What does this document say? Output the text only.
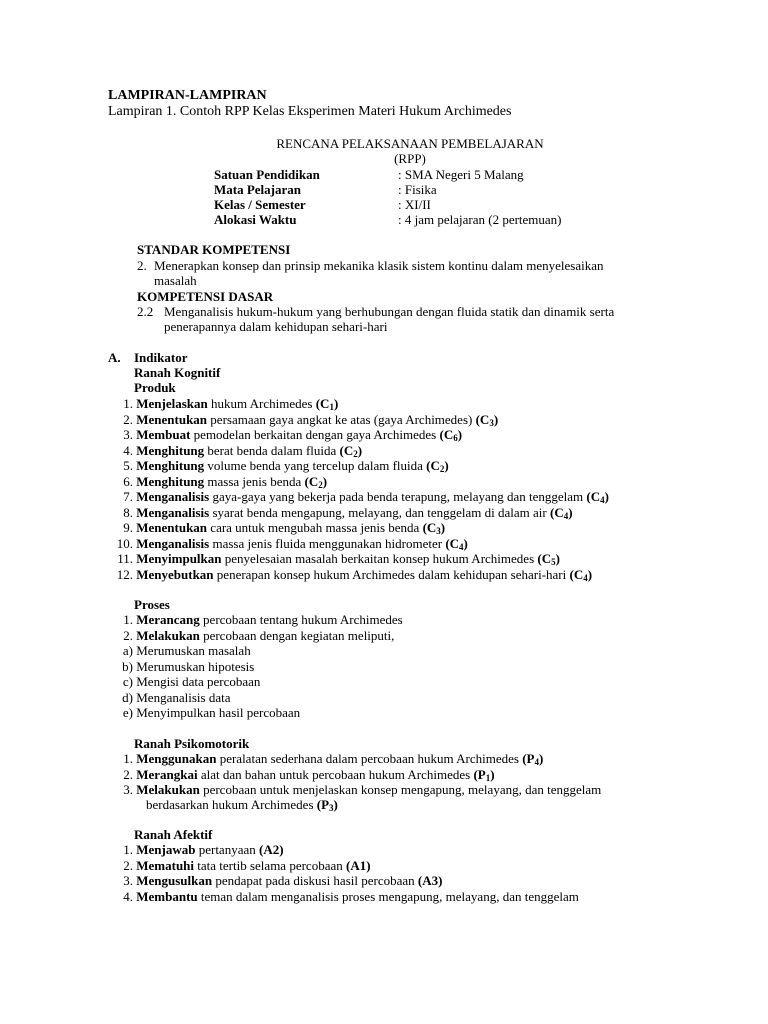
LAMPIRAN-LAMPIRAN
Lampiran 1. Contoh RPP Kelas Eksperimen Materi Hukum Archimedes
RENCANA PELAKSANAAN PEMBELAJARAN
(RPP)
Satuan Pendidikan	: SMA Negeri 5 Malang
Mata Pelajaran	: Fisika
Kelas / Semester	: XI/II
Alokasi Waktu	: 4 jam pelajaran (2 pertemuan)
STANDAR KOMPETENSI
2. Menerapkan konsep dan prinsip mekanika klasik sistem kontinu dalam menyelesaikan
masalah
KOMPETENSI DASAR
2.2 Menganalisis hukum-hukum yang berhubungan dengan fluida statik dan dinamik serta
penerapannya dalam kehidupan sehari-hari
A. Indikator
Ranah Kognitif
Produk
1. Menjelaskan hukum Archimedes $(C_1)$
2. Menentukan persamaan gaya angkat ke atas (gaya Archimedes) $(C_3)$
3. Membuat pemodelan berkaitan dengan gaya Archimedes $(C_6)$
4. Menghitung berat benda dalam fluida $(C_2)$
5. Menghitung volume benda yang tercelup dalam fluida $(C_2)$
6. Menghitung massa jenis benda $(C_2)$
7. Menganalisis gaya-gaya yang bekerja pada benda terapung, melayang dan tenggelam $(C_4)$
8. Menganalisis syarat benda mengapung, melayang, dan tenggelam di dalam air $(C_4)$
9. Menentukan cara untuk mengubah massa jenis benda $(C_3)$
10. Menganalisis massa jenis fluida menggunakan hidrometer $(C_4)$
11. Menyimpulkan penyelesaian masalah berkaitan konsep hukum Archimedes $(C_5)$
12. Menyebutkan penerapan konsep hukum Archimedes dalam kehidupan sehari-hari $(C_4)$
Proses
1. Merancang percobaan tentang hukum Archimedes
2. Melakukan percobaan dengan kegiatan meliputi,
a) Merumuskan masalah
b) Merumuskan hipotesis
c) Mengisi data percobaan
d) Menganalisis data
e) Menyimpulkan hasil percobaan
Ranah Psikomotorik
1. Menggunakan peralatan sederhana dalam percobaan hukum Archimedes $(P_4)$
2. Merangkai alat dan bahan untuk percobaan hukum Archimedes $(P_1)$
3. Melakukan percobaan untuk menjelaskan konsep mengapung, melayang, dan tenggelam
berdasarkan hukum Archimedes $(P_3)$
Ranah Afektif
1. Menjawab pertanyaan (A2)
2. Mematuhi tata tertib selama percobaan (A1)
3. Mengusulkan pendapat pada diskusi hasil percobaan (A3)
4. Membantu teman dalam menganalisis proses mengapung, melayang, dan tenggelam
